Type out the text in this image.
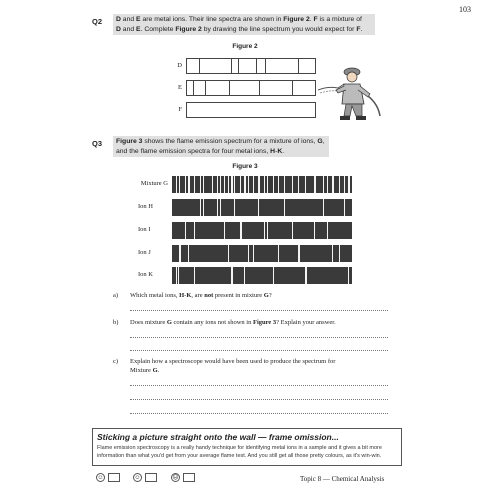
103
Q2 D and E are metal ions. Their line spectra are shown in Figure 2. F is a mixture of
D and E. Complete Figure 2 by drawing the line spectrum you would expect for F.
Figure 2
D
E
F
Q3 Figure 3 shows the flame emission spectrum for a mixture of ions, G,
and the flame emission spectra for four metal ions, H-K.
Figure 3
Mixture G
Ion H
Ion I
Ion J
Ion K
a) Which metal ions, H-K, are not present in mixture G?
b) Does mixture G contain any ions not shown in Figure 3? Explain your answer.
c) Explain how a spectroscope would have been used to produce the spectrum for
Mixture G.
Sticking a picture straight onto the wall — frame omission...
Flame emission spectroscopy is a really handy technique for identifying metal ions in a sample and it gives a bit more
information than what you'd get from your average flame test. And you still get all those pretty colours, as it's win-win.
☺	☺	☹	Topic 8 — Chemical Analysis
